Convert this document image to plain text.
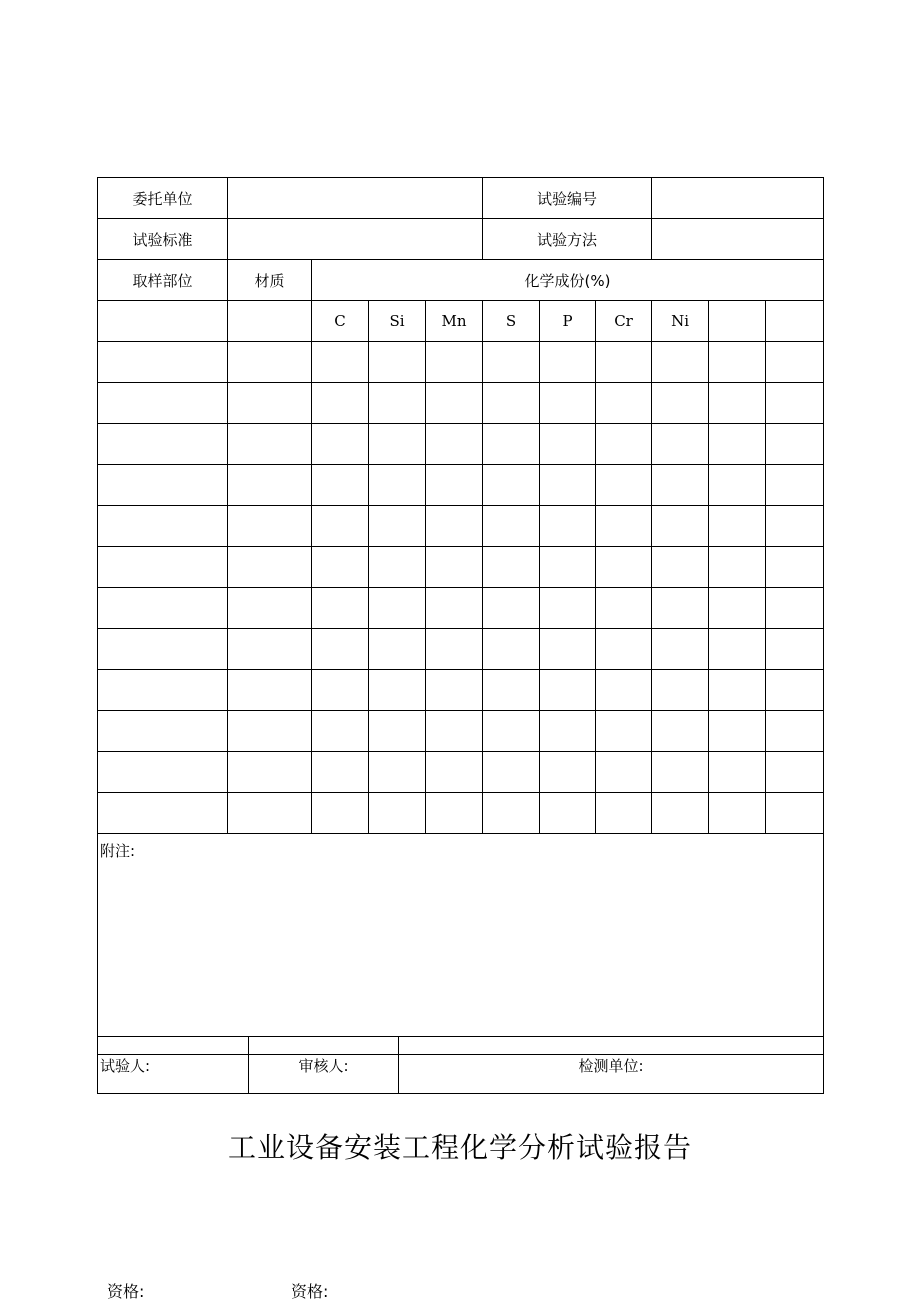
委托单位					试验编号					
试验标准					试验方法					
取样部位	材质	化学成份(%)								
		C	Si	Mn	S	P	Cr	Ni		

附注:										
试验人:	审核人:	检测单位:
工业设备安装工程化学分析试验报告
资格:	资格:
